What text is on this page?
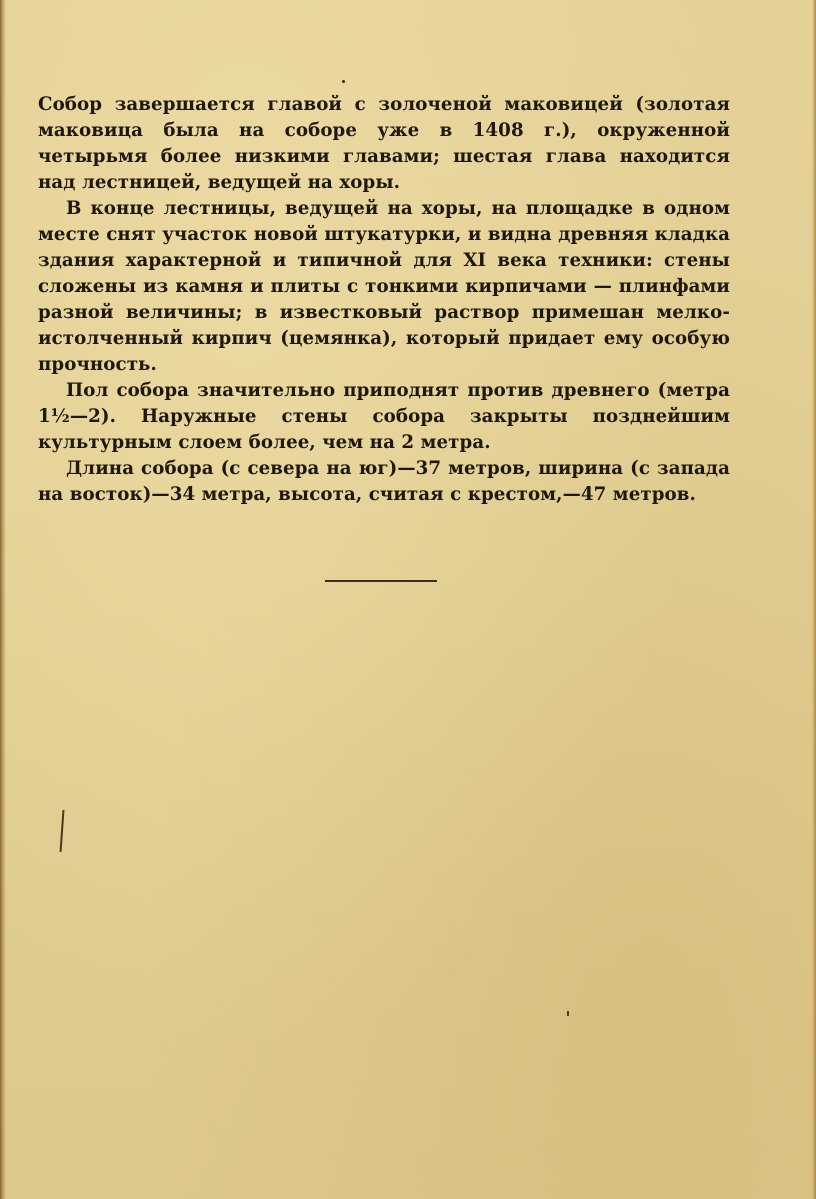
Собор завершается главой с золоченой маковицей (золотая маковица была на соборе уже в 1408 г.), окруженной четырьмя более низкими главами; шестая глава находится над лестницей, ведущей на хоры.

В конце лестницы, ведущей на хоры, на площадке в одном месте снят участок новой штукатурки, и видна древняя кладка здания характерной и типичной для XI века техники: стены сложены из камня и плиты с тонкими кирпичами — плинфами разной величины; в известковый раствор примешан мелко-истолченный кирпич (цемянка), который придает ему особую прочность.

Пол собора значительно приподнят против древнего (метра 1½—2). Наружные стены собора закрыты позднейшим культурным слоем более, чем на 2 метра.

Длина собора (с севера на юг)—37 метров, ширина (с запада на восток)—34 метра, высота, считая с крестом,—47 метров.
